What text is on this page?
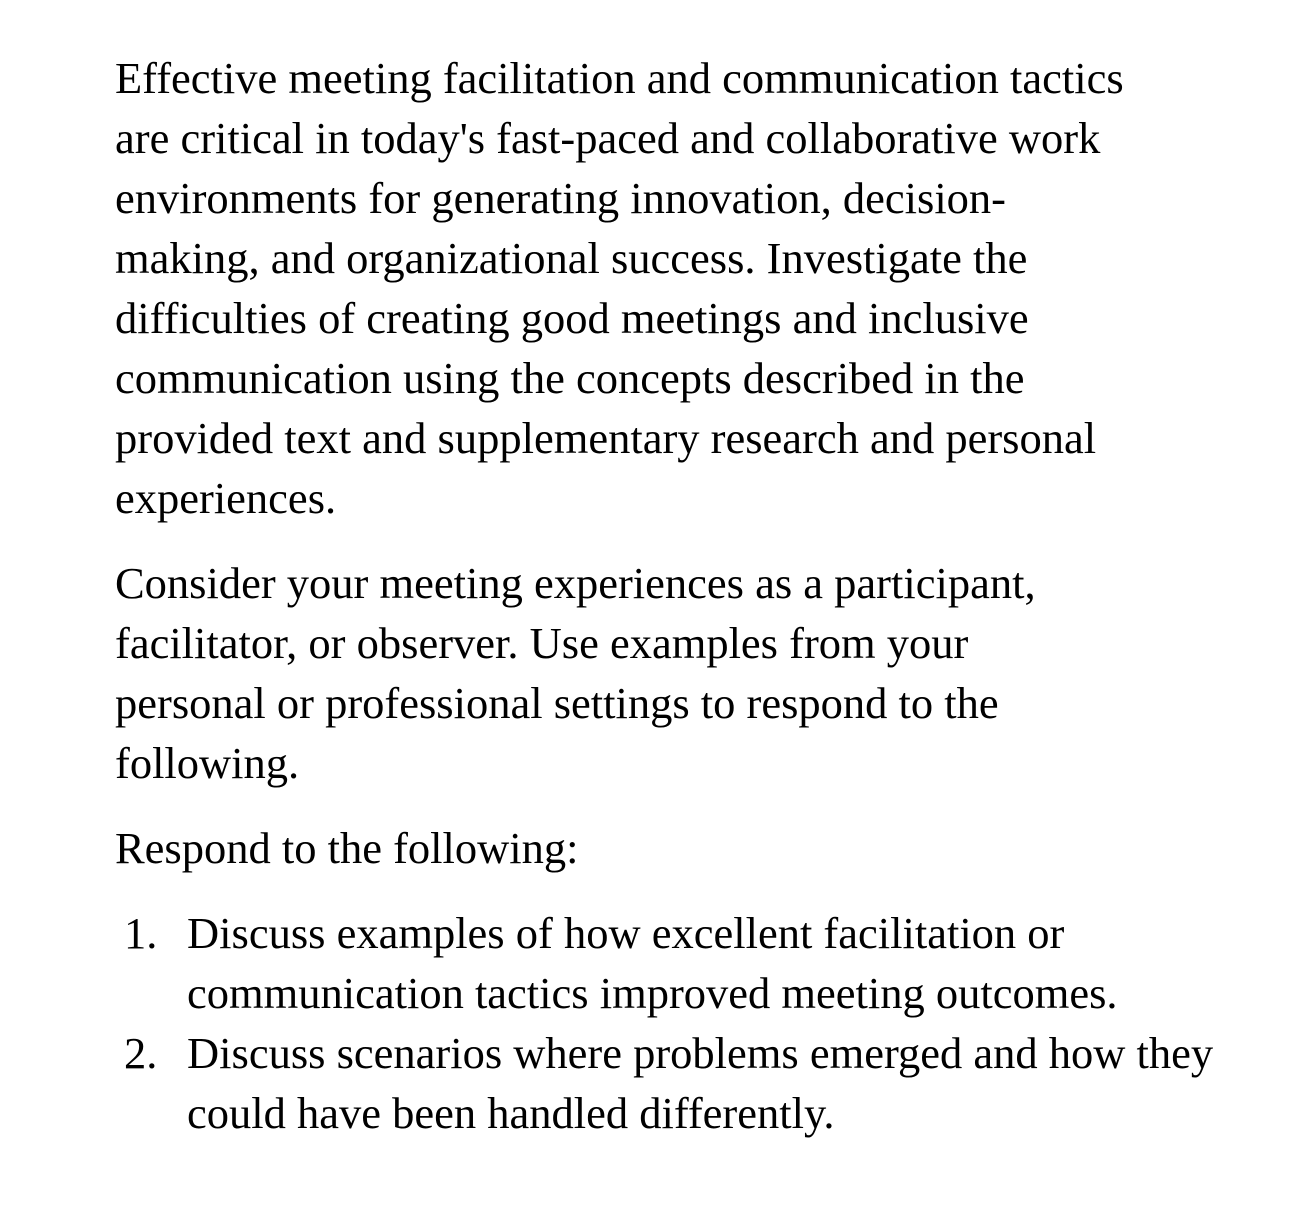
Effective meeting facilitation and communication tactics are critical in today's fast-paced and collaborative work environments for generating innovation, decision-making, and organizational success. Investigate the difficulties of creating good meetings and inclusive communication using the concepts described in the provided text and supplementary research and personal experiences.

Consider your meeting experiences as a participant, facilitator, or observer. Use examples from your personal or professional settings to respond to the following.

Respond to the following:

1. Discuss examples of how excellent facilitation or communication tactics improved meeting outcomes.
2. Discuss scenarios where problems emerged and how they could have been handled differently.
